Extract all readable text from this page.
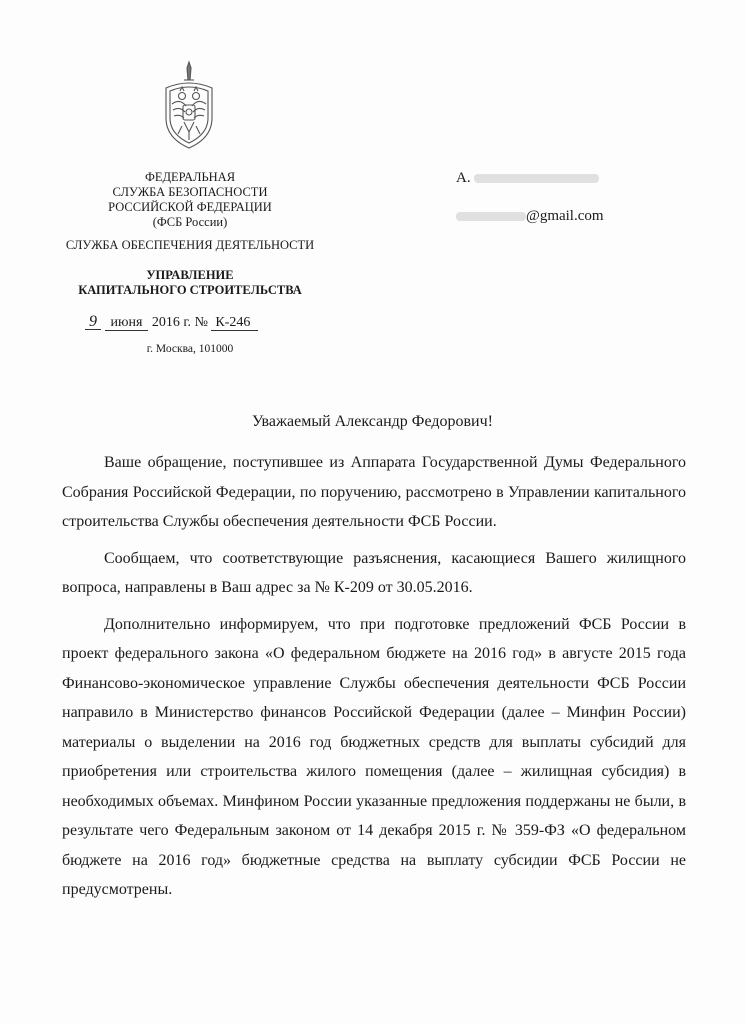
ФЕДЕРАЛЬНАЯ
СЛУЖБА БЕЗОПАСНОСТИ
РОССИЙСКОЙ ФЕДЕРАЦИИ
(ФСБ России)
СЛУЖБА ОБЕСПЕЧЕНИЯ ДЕЯТЕЛЬНОСТИ
УПРАВЛЕНИЕ
КАПИТАЛЬНОГО СТРОИТЕЛЬСТВА
9 июня 2016 г. № К-246
г. Москва, 101000
А.
@gmail.com
Уважаемый Александр Федорович!

Ваше обращение, поступившее из Аппарата Государственной Думы Федерального Собрания Российской Федерации, по поручению, рассмотрено в Управлении капитального строительства Службы обеспечения деятельности ФСБ России.

Сообщаем, что соответствующие разъяснения, касающиеся Вашего жилищного вопроса, направлены в Ваш адрес за № К-209 от 30.05.2016.

Дополнительно информируем, что при подготовке предложений ФСБ России в проект федерального закона «О федеральном бюджете на 2016 год» в августе 2015 года Финансово-экономическое управление Службы обеспечения деятельности ФСБ России направило в Министерство финансов Российской Федерации (далее – Минфин России) материалы о выделении на 2016 год бюджетных средств для выплаты субсидий для приобретения или строительства жилого помещения (далее – жилищная субсидия) в необходимых объемах. Минфином России указанные предложения поддержаны не были, в результате чего Федеральным законом от 14 декабря 2015 г. № 359-ФЗ «О федеральном бюджете на 2016 год» бюджетные средства на выплату субсидии ФСБ России не предусмотрены.
